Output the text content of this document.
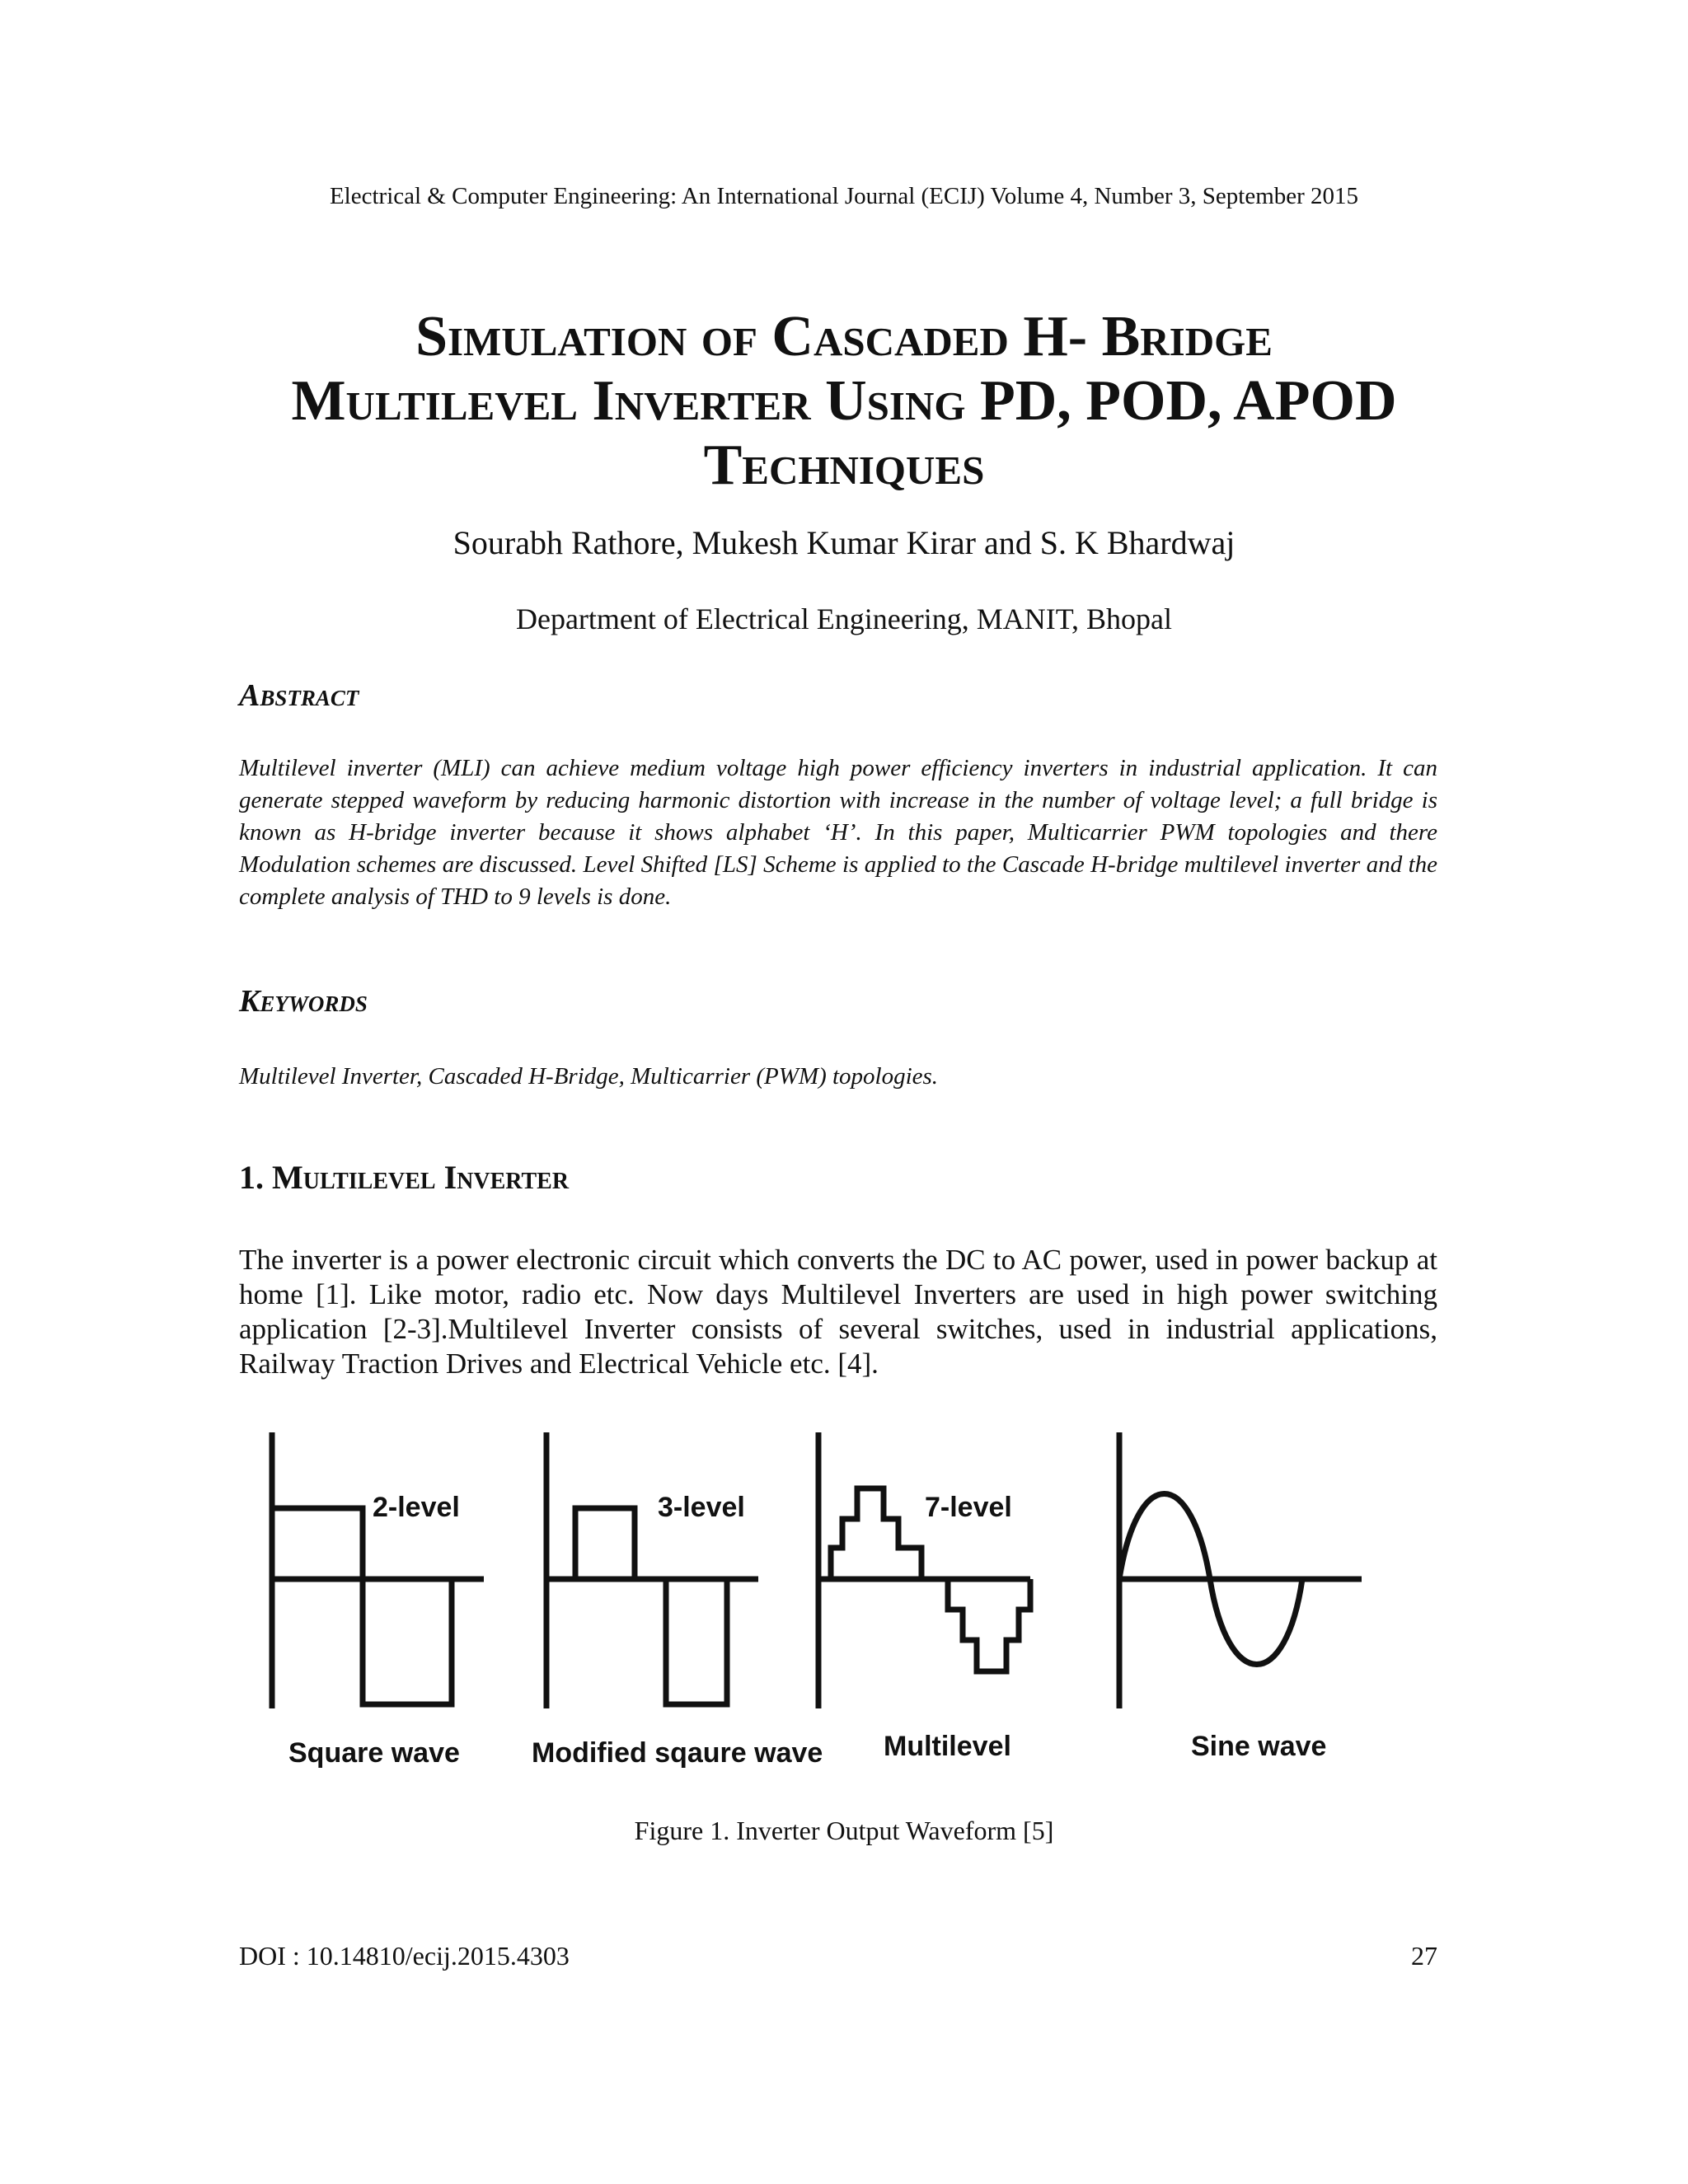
Electrical & Computer Engineering: An International Journal (ECIJ) Volume 4, Number 3, September 2015
Simulation of Cascaded H- Bridge
Multilevel Inverter Using PD, POD, APOD
Techniques
Sourabh Rathore, Mukesh Kumar Kirar and S. K Bhardwaj
Department of Electrical Engineering, MANIT, Bhopal
Abstract
Multilevel inverter (MLI) can achieve medium voltage high power efficiency inverters in industrial application. It can generate stepped waveform by reducing harmonic distortion with increase in the number of voltage level; a full bridge is known as H-bridge inverter because it shows alphabet ‘H’. In this paper, Multicarrier PWM topologies and there Modulation schemes are discussed. Level Shifted [LS] Scheme is applied to the Cascade H-bridge multilevel inverter and the complete analysis of THD to 9 levels is done.
Keywords
Multilevel Inverter, Cascaded H-Bridge, Multicarrier (PWM) topologies.
1. Multilevel Inverter
The inverter is a power electronic circuit which converts the DC to AC power, used in power backup at home [1]. Like motor, radio etc. Now days Multilevel Inverters are used in high power switching application [2-3].Multilevel Inverter consists of several switches, used in industrial applications, Railway Traction Drives and Electrical Vehicle etc. [4].
2-level	3-level	7-level
Square wave	Modified sqaure wave Multilevel	Sine wave
Figure 1. Inverter Output Waveform [5]
DOI : 10.14810/ecij.2015.4303	27
